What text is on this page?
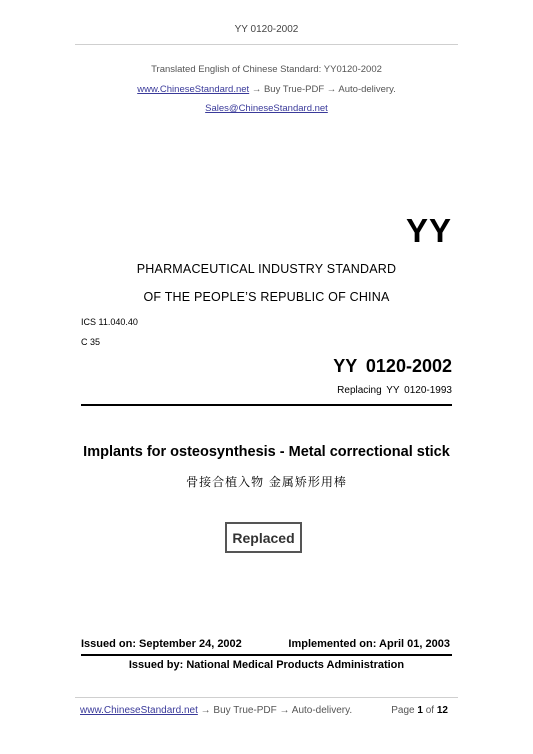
YY 0120-2002
Translated English of Chinese Standard: YY0120-2002
www.ChineseStandard.net → Buy True-PDF → Auto-delivery.
Sales@ChineseStandard.net
YY
PHARMACEUTICAL INDUSTRY STANDARD
OF THE PEOPLE’S REPUBLIC OF CHINA
ICS 11.040.40
C 35
YY 0120-2002
Replacing YY 0120-1993
Implants for osteosynthesis - Metal correctional stick
骨接合植入物 金属矫形用棒
Replaced
Issued on: September 24, 2002	Implemented on: April 01, 2003
Issued by: National Medical Products Administration
www.ChineseStandard.net → Buy True-PDF → Auto-delivery.	Page 1 of 12
